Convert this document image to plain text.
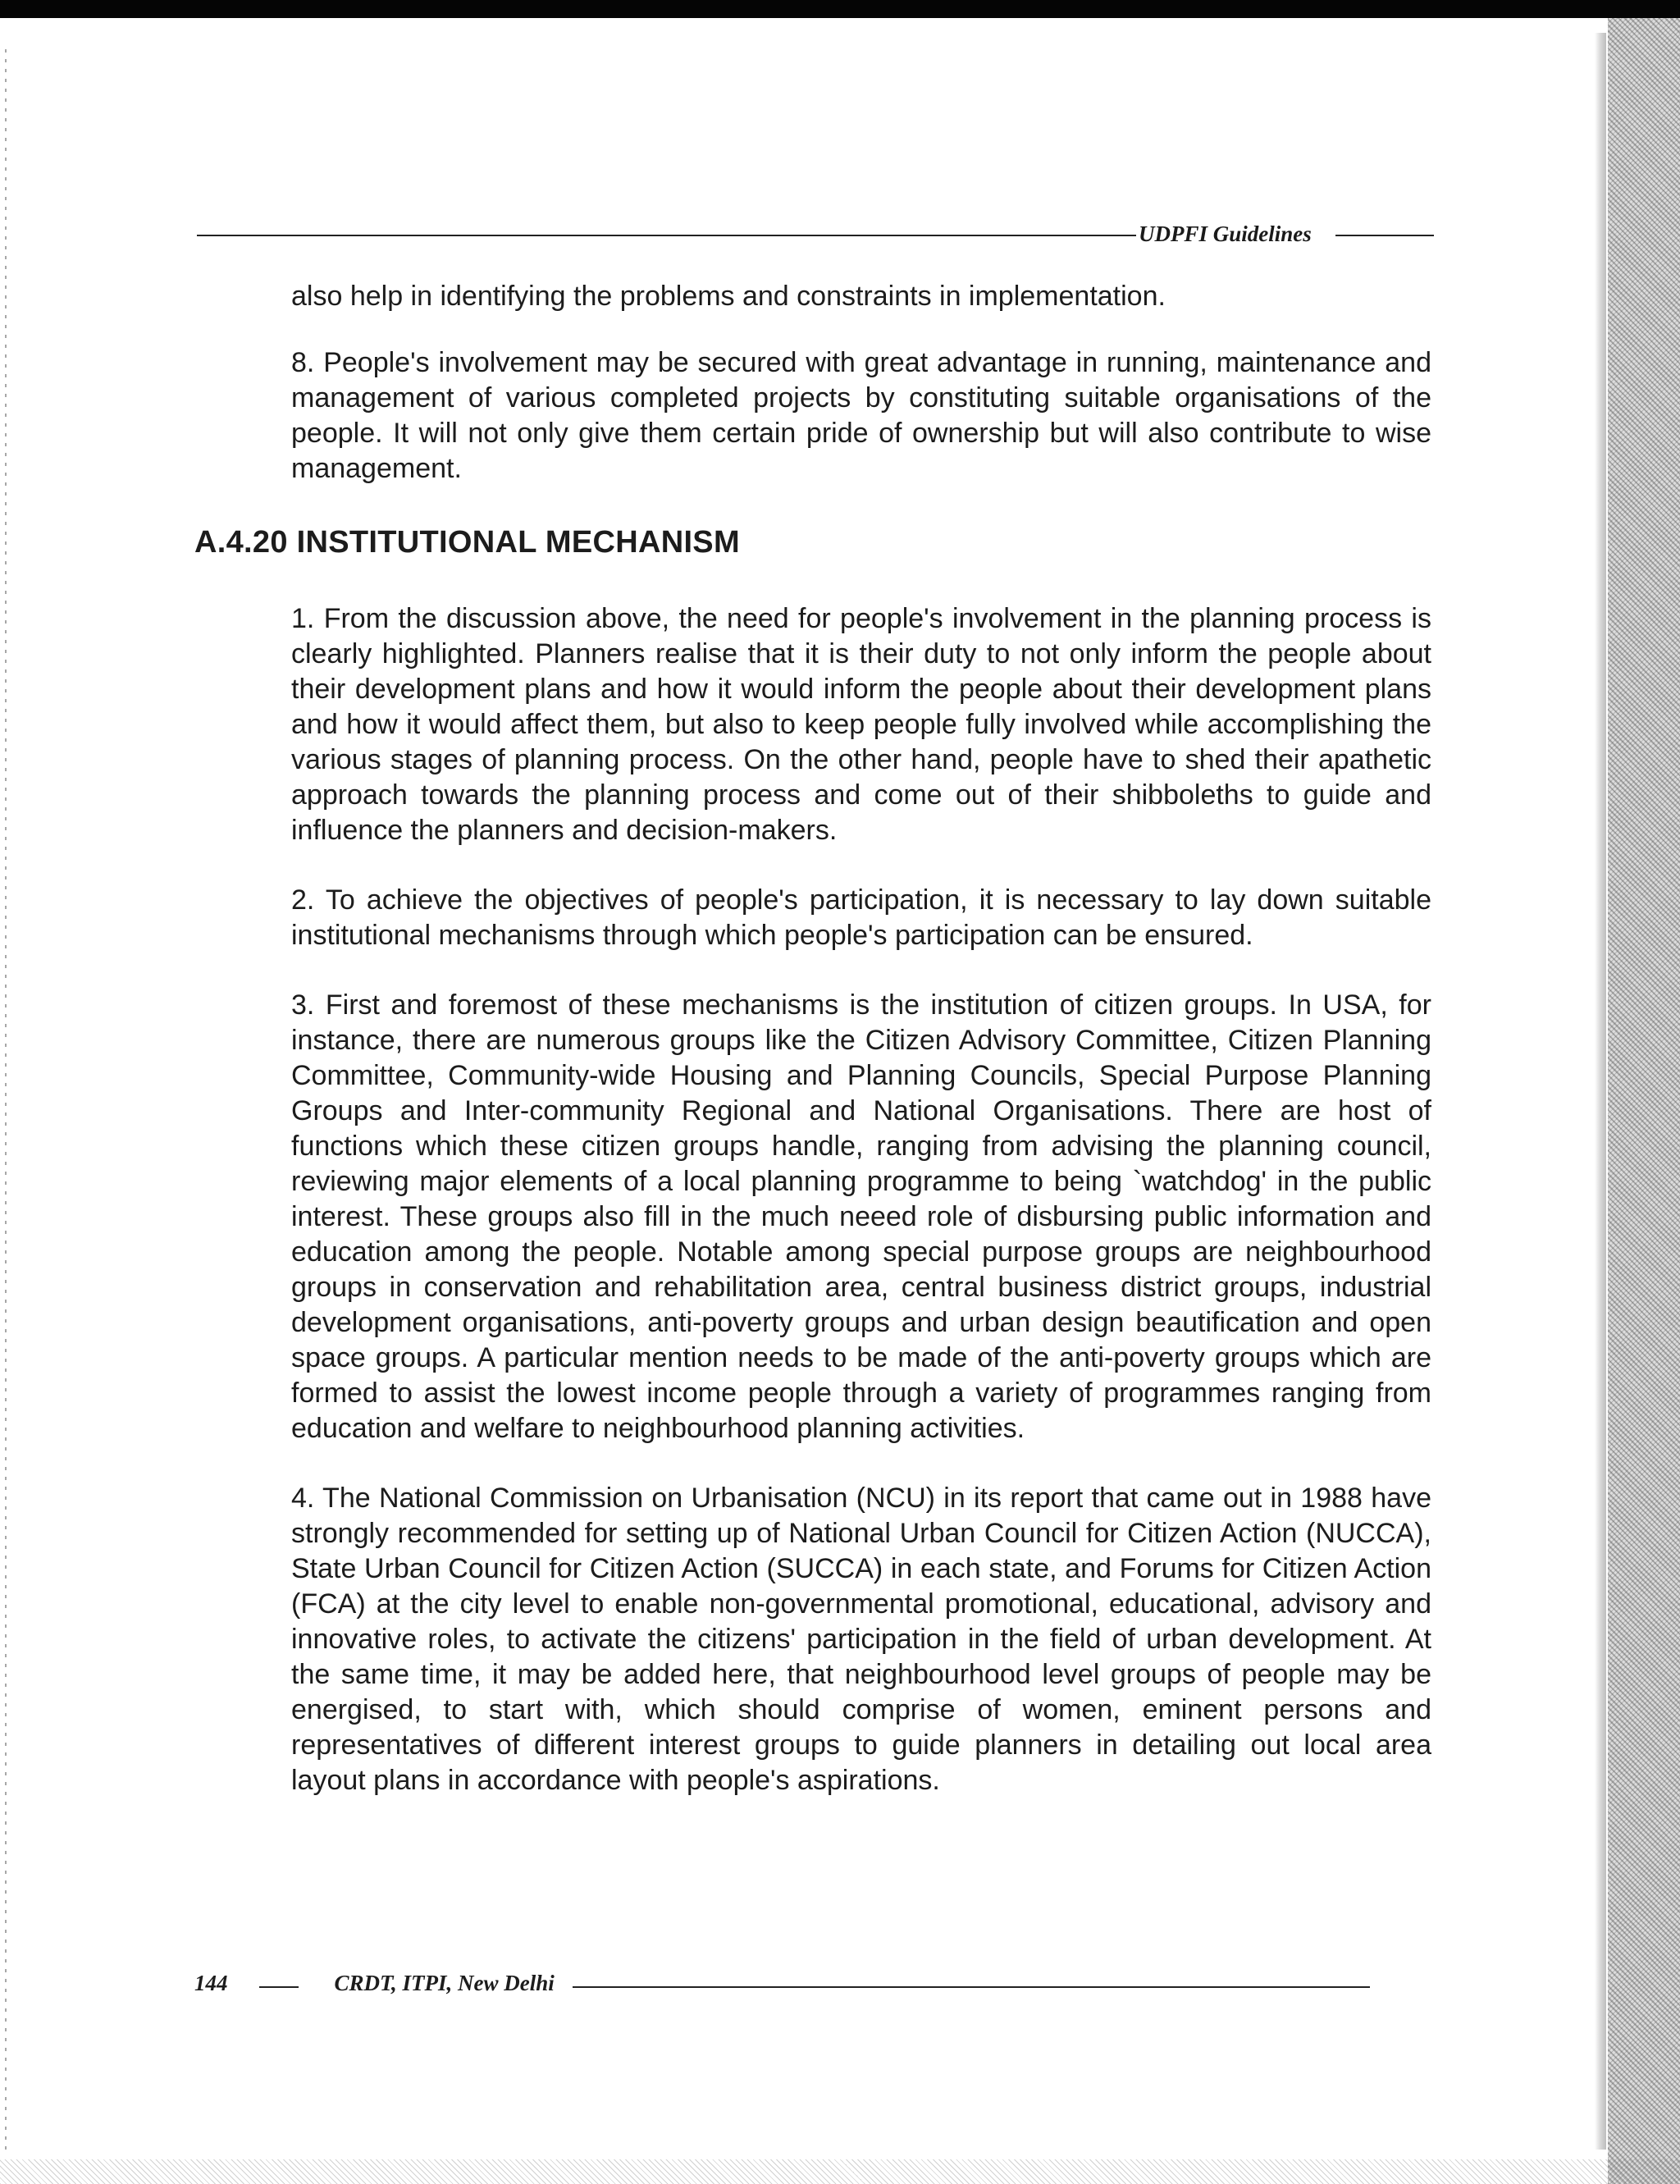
UDPFI Guidelines

also help in identifying the problems and constraints in implementation.

8. People's involvement may be secured with great advantage in running, maintenance and management of various completed projects by constituting suitable organisations of the people. It will not only give them certain pride of ownership but will also contribute to wise management.

A.4.20 INSTITUTIONAL MECHANISM

1. From the discussion above, the need for people's involvement in the planning process is clearly highlighted. Planners realise that it is their duty to not only inform the people about their development plans and how it would inform the people about their development plans and how it would affect them, but also to keep people fully involved while accomplishing the various stages of planning process. On the other hand, people have to shed their apathetic approach towards the planning process and come out of their shibboleths to guide and influence the planners and decision-makers.

2. To achieve the objectives of people's participation, it is necessary to lay down suitable institutional mechanisms through which people's participation can be ensured.

3. First and foremost of these mechanisms is the institution of citizen groups. In USA, for instance, there are numerous groups like the Citizen Advisory Committee, Citizen Planning Committee, Community-wide Housing and Planning Councils, Special Purpose Planning Groups and Inter-community Regional and National Organisations. There are host of functions which these citizen groups handle, ranging from advising the planning council, reviewing major elements of a local planning programme to being `watchdog' in the public interest. These groups also fill in the much neeed role of disbursing public information and education among the people. Notable among special purpose groups are neighbourhood groups in conservation and rehabilitation area, central business district groups, industrial development organisations, anti-poverty groups and urban design beautification and open space groups. A particular mention needs to be made of the anti-poverty groups which are formed to assist the lowest income people through a variety of programmes ranging from education and welfare to neighbourhood planning activities.

4. The National Commission on Urbanisation (NCU) in its report that came out in 1988 have strongly recommended for setting up of National Urban Council for Citizen Action (NUCCA), State Urban Council for Citizen Action (SUCCA) in each state, and Forums for Citizen Action (FCA) at the city level to enable non-governmental promotional, educational, advisory and innovative roles, to activate the citizens' participation in the field of urban development. At the same time, it may be added here, that neighbourhood level groups of people may be energised, to start with, which should comprise of women, eminent persons and representatives of different interest groups to guide planners in detailing out local area layout plans in accordance with people's aspirations.

144	CRDT, ITPI, New Delhi
